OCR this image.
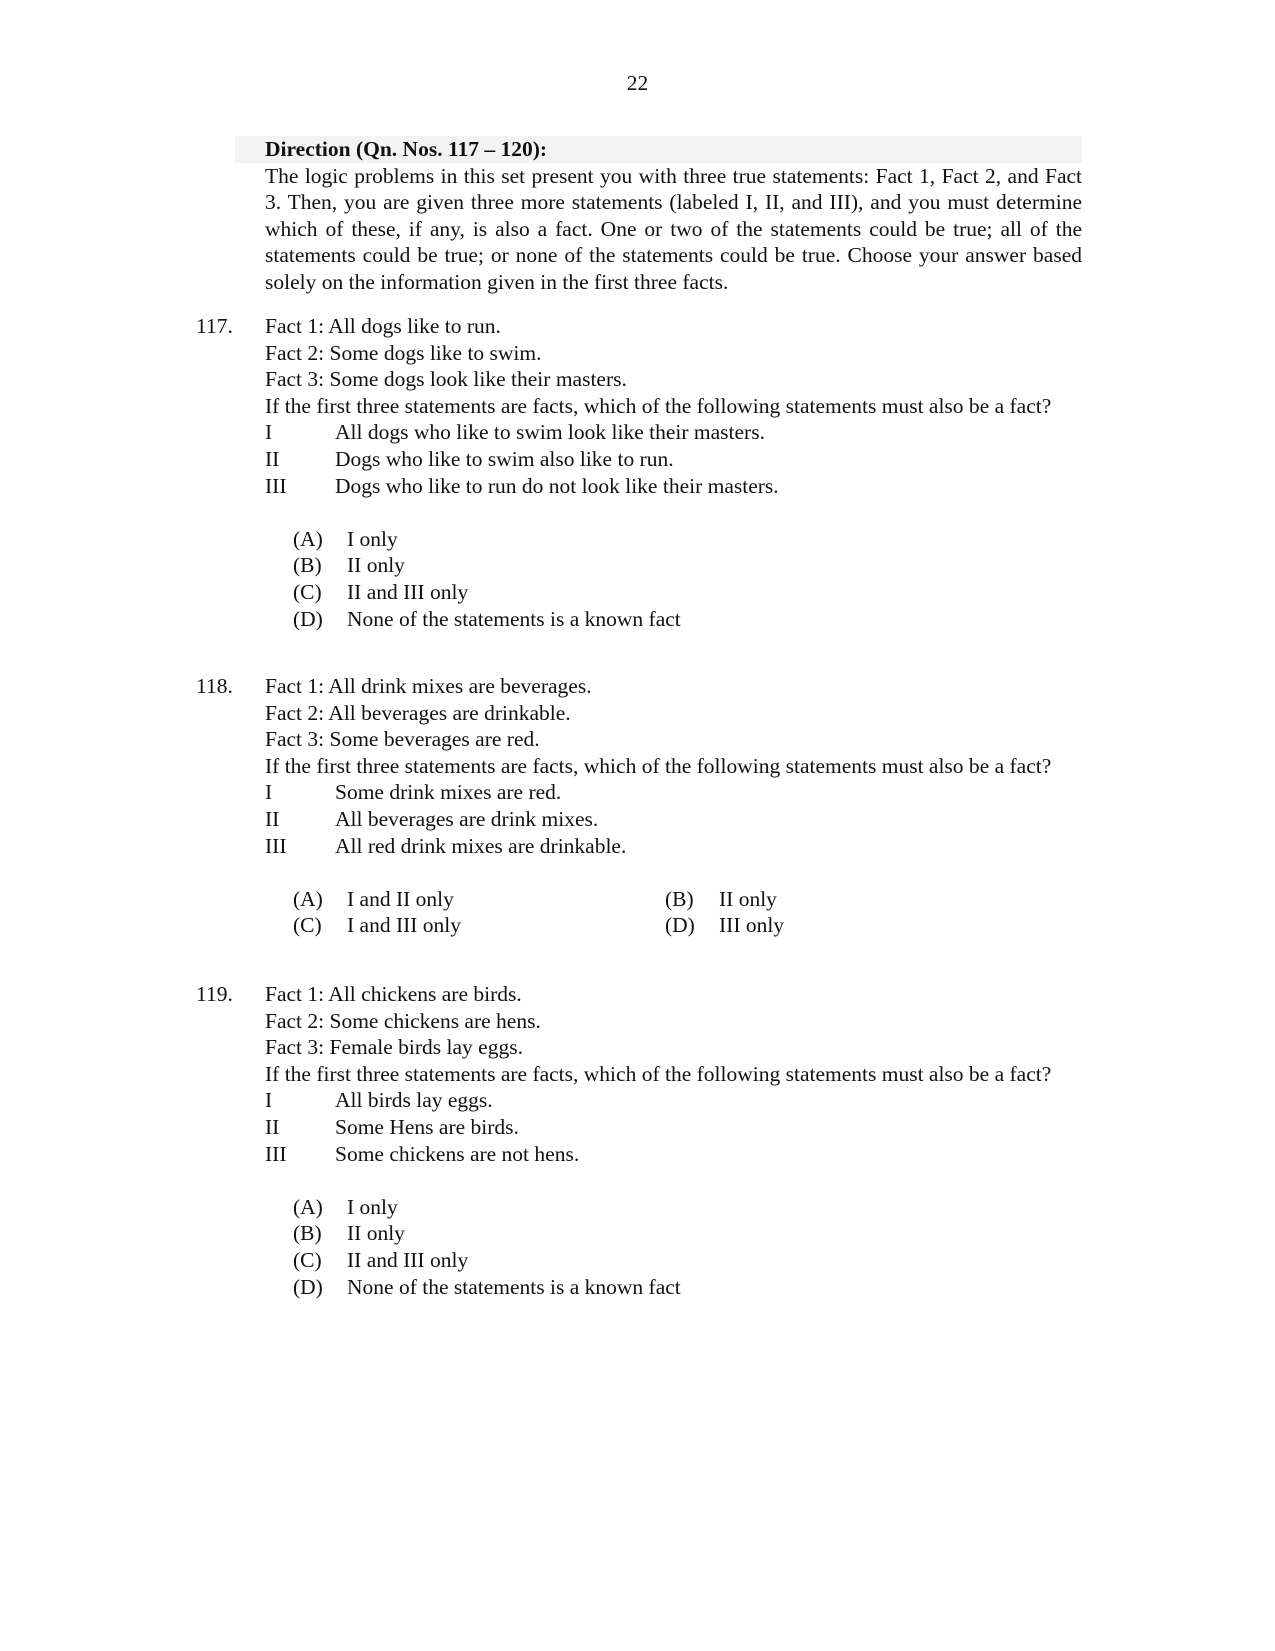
22
Direction (Qn. Nos. 117 – 120):
The logic problems in this set present you with three true statements: Fact 1, Fact 2, and Fact 3. Then, you are given three more statements (labeled I, II, and III), and you must determine which of these, if any, is also a fact. One or two of the statements could be true; all of the statements could be true; or none of the statements could be true. Choose your answer based solely on the information given in the first three facts.
117. Fact 1: All dogs like to run.
Fact 2: Some dogs like to swim.
Fact 3: Some dogs look like their masters.
If the first three statements are facts, which of the following statements must also be a fact?
I	All dogs who like to swim look like their masters.
II	Dogs who like to swim also like to run.
III	Dogs who like to run do not look like their masters.
(A)	I only
(B)	II only
(C)	II and III only
(D)	None of the statements is a known fact
118. Fact 1: All drink mixes are beverages.
Fact 2: All beverages are drinkable.
Fact 3: Some beverages are red.
If the first three statements are facts, which of the following statements must also be a fact?
I	Some drink mixes are red.
II	All beverages are drink mixes.
III	All red drink mixes are drinkable.
(A)	I and II only	(B)	II only
(C)	I and III only	(D)	III only
119. Fact 1: All chickens are birds.
Fact 2: Some chickens are hens.
Fact 3: Female birds lay eggs.
If the first three statements are facts, which of the following statements must also be a fact?
I	All birds lay eggs.
II	Some Hens are birds.
III	Some chickens are not hens.
(A)	I only
(B)	II only
(C)	II and III only
(D)	None of the statements is a known fact
